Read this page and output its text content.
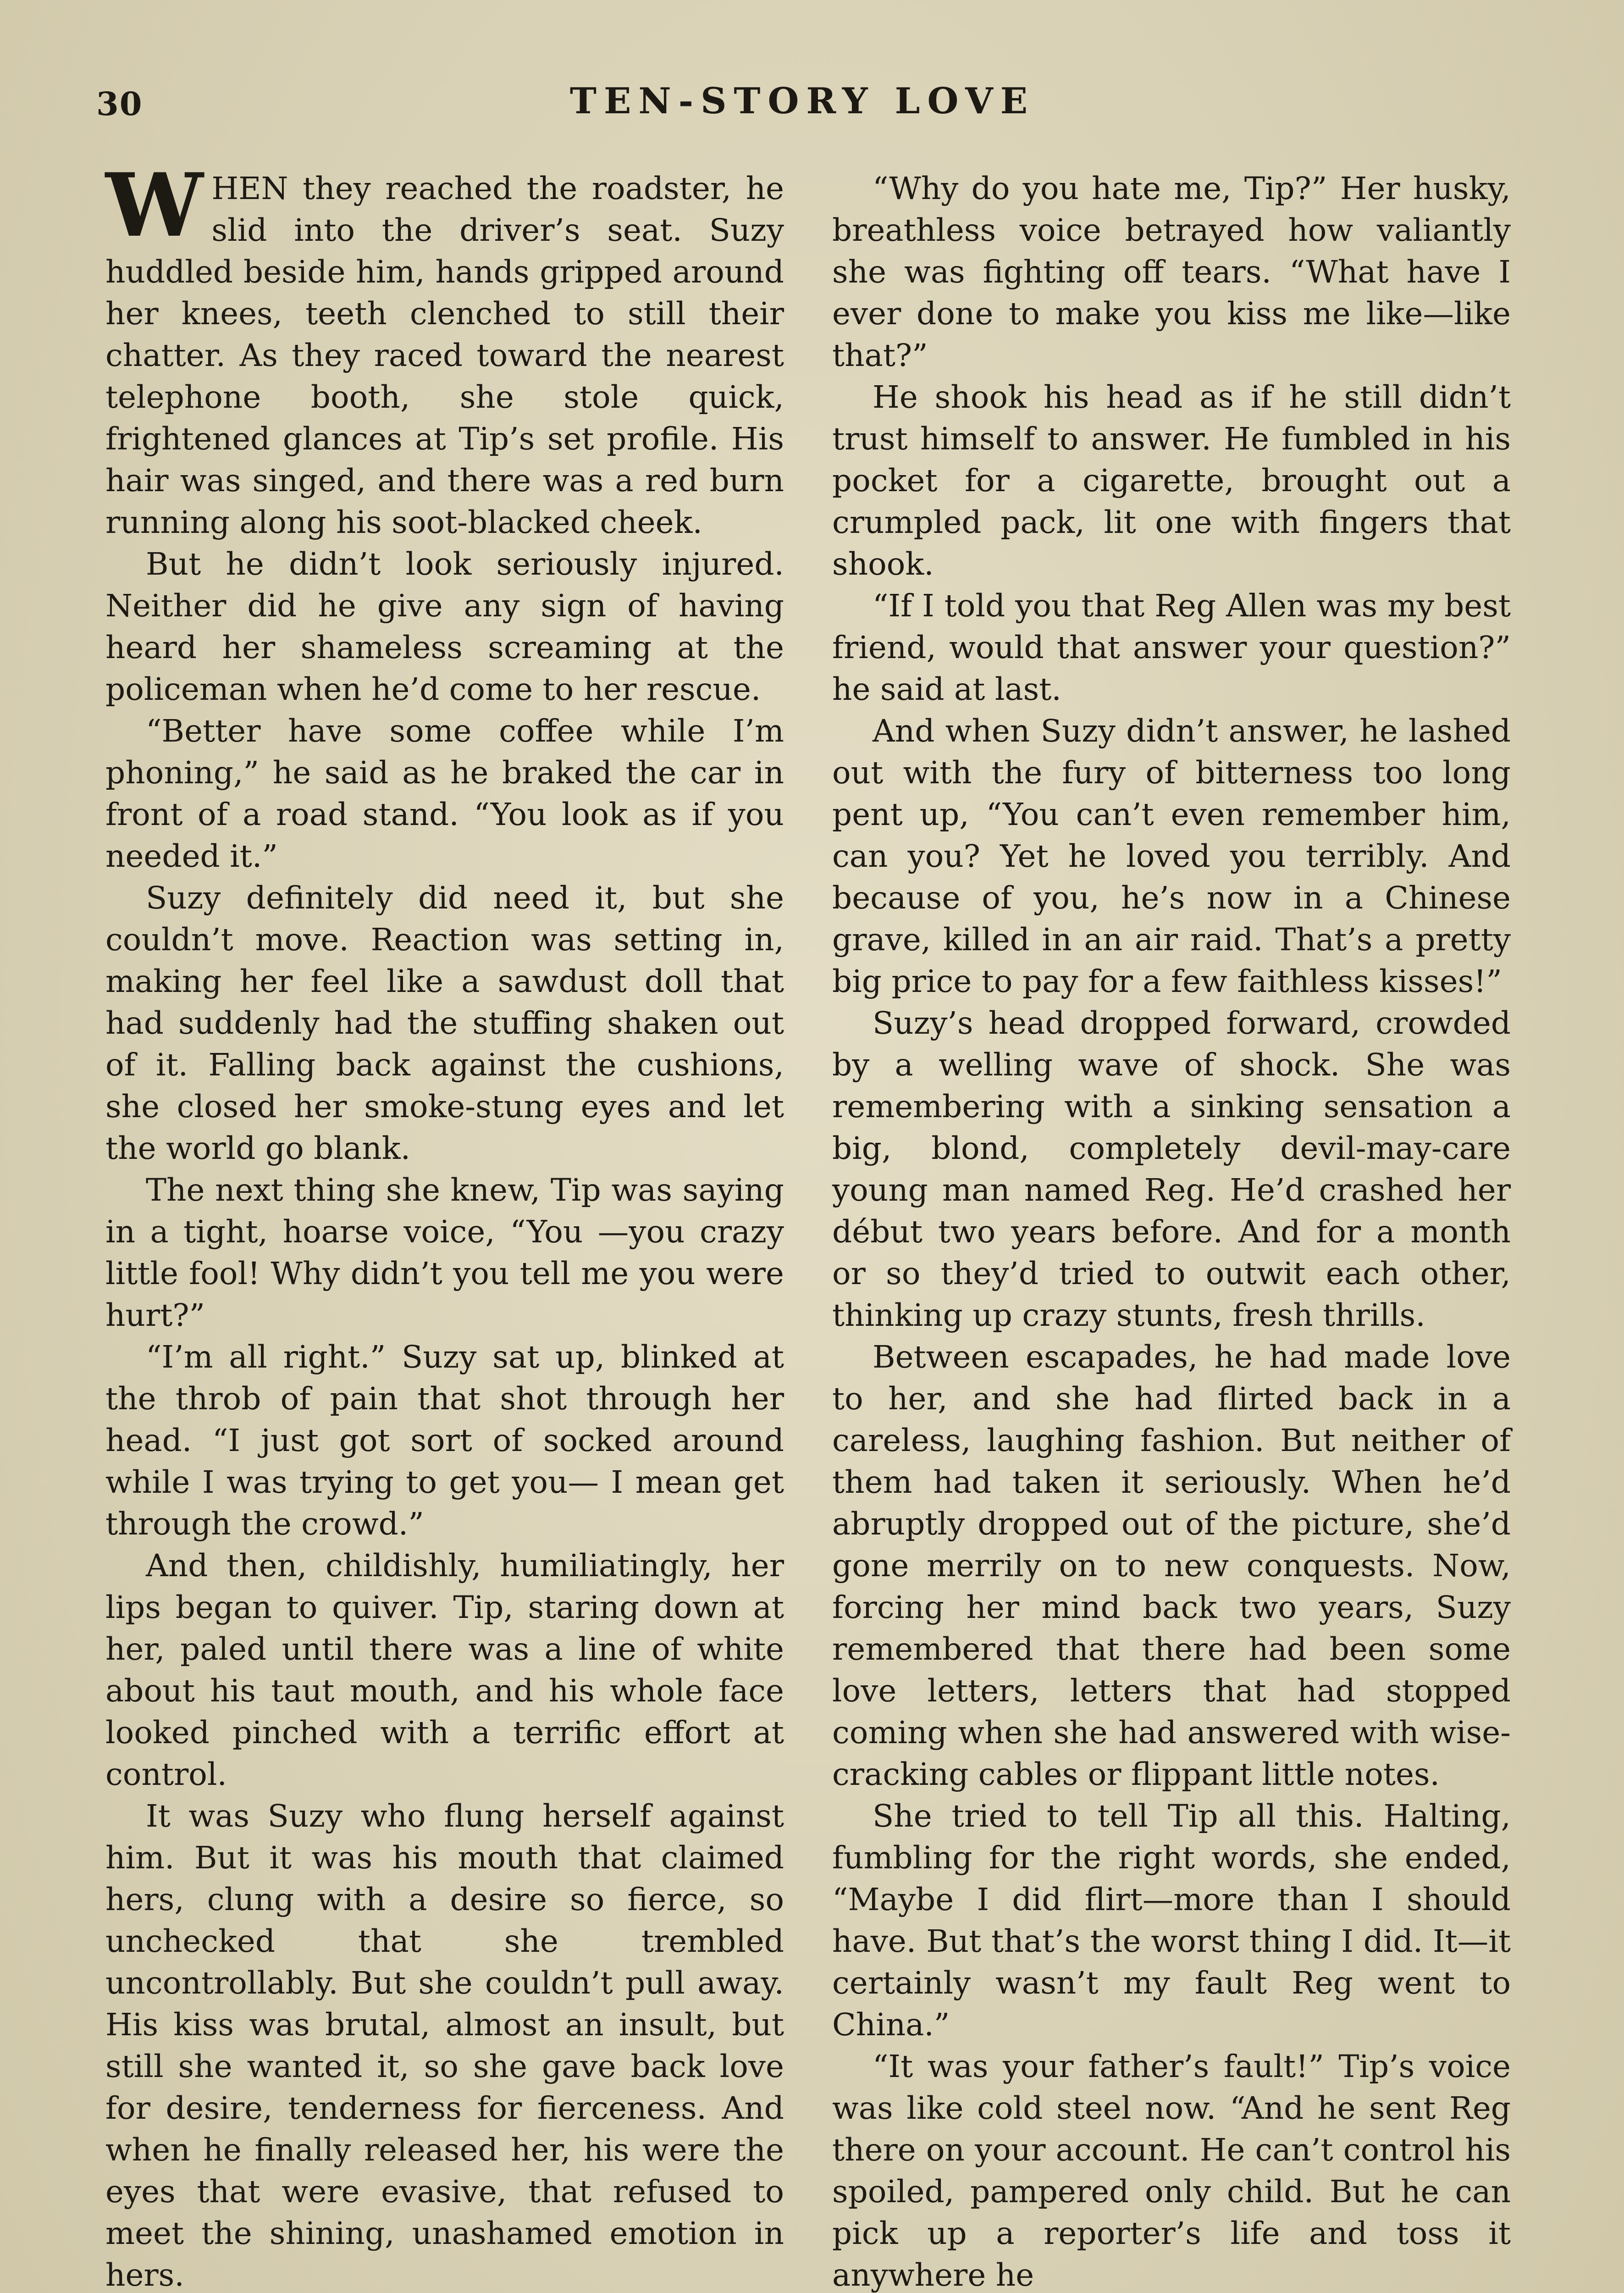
30	TEN-STORY LOVE

WHEN they reached the roadster, he slid into the driver’s seat. Suzy huddled beside him, hands gripped around her knees, teeth clenched to still their chatter. As they raced toward the nearest telephone booth, she stole quick, frightened glances at Tip’s set profile. His hair was singed, and there was a red burn running along his soot-blacked cheek.

But he didn’t look seriously injured. Neither did he give any sign of having heard her shameless screaming at the policeman when he’d come to her rescue.

“Better have some coffee while I’m phoning,” he said as he braked the car in front of a road stand. “You look as if you needed it.”

Suzy definitely did need it, but she couldn’t move. Reaction was setting in, making her feel like a sawdust doll that had suddenly had the stuffing shaken out of it. Falling back against the cushions, she closed her smoke-stung eyes and let the world go blank.

The next thing she knew, Tip was saying in a tight, hoarse voice, “You —you crazy little fool! Why didn’t you tell me you were hurt?”

“I’m all right.” Suzy sat up, blinked at the throb of pain that shot through her head. “I just got sort of socked around while I was trying to get you— I mean get through the crowd.”

And then, childishly, humiliatingly, her lips began to quiver. Tip, staring down at her, paled until there was a line of white about his taut mouth, and his whole face looked pinched with a terrific effort at control.

It was Suzy who flung herself against him. But it was his mouth that claimed hers, clung with a desire so fierce, so unchecked that she trembled uncontrollably. But she couldn’t pull away. His kiss was brutal, almost an insult, but still she wanted it, so she gave back love for desire, tenderness for fierceness. And when he finally released her, his were the eyes that were evasive, that refused to meet the shining, unashamed emotion in hers.

“Why do you hate me, Tip?” Her husky, breathless voice betrayed how valiantly she was fighting off tears. “What have I ever done to make you kiss me like—like that?”

He shook his head as if he still didn’t trust himself to answer. He fumbled in his pocket for a cigarette, brought out a crumpled pack, lit one with fingers that shook.

“If I told you that Reg Allen was my best friend, would that answer your question?” he said at last.

And when Suzy didn’t answer, he lashed out with the fury of bitterness too long pent up, “You can’t even remember him, can you? Yet he loved you terribly. And because of you, he’s now in a Chinese grave, killed in an air raid. That’s a pretty big price to pay for a few faithless kisses!”

Suzy’s head dropped forward, crowded by a welling wave of shock. She was remembering with a sinking sensation a big, blond, completely devil-may-care young man named Reg. He’d crashed her début two years before. And for a month or so they’d tried to outwit each other, thinking up crazy stunts, fresh thrills.

Between escapades, he had made love to her, and she had flirted back in a careless, laughing fashion. But neither of them had taken it seriously. When he’d abruptly dropped out of the picture, she’d gone merrily on to new conquests. Now, forcing her mind back two years, Suzy remembered that there had been some love letters, letters that had stopped coming when she had answered with wise-cracking cables or flippant little notes.

She tried to tell Tip all this. Halting, fumbling for the right words, she ended, “Maybe I did flirt—more than I should have. But that’s the worst thing I did. It—it certainly wasn’t my fault Reg went to China.”

“It was your father’s fault!” Tip’s voice was like cold steel now. “And he sent Reg there on your account. He can’t control his spoiled, pampered only child. But he can pick up a reporter’s life and toss it anywhere he
